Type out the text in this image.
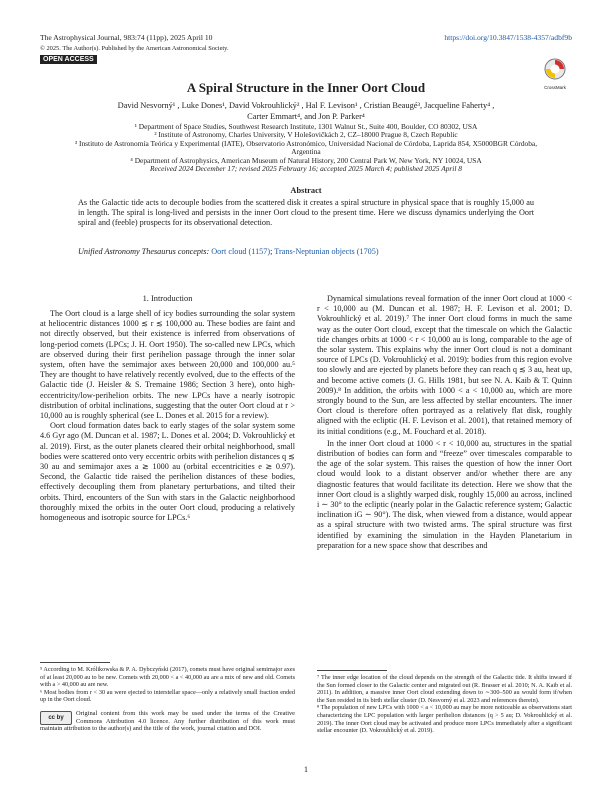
The Astrophysical Journal, 983:74 (11pp), 2025 April 10	https://doi.org/10.3847/1538-4357/adbf9b
© 2025. The Author(s). Published by the American Astronomical Society.
OPEN ACCESS
CrossMark
A Spiral Structure in the Inner Oort Cloud
David Nesvorný¹ , Luke Dones¹, David Vokrouhlický² , Hal F. Levison¹ , Cristian Beaugé³, Jacqueline Faherty⁴ ,
Carter Emmart⁴, and Jon P. Parker⁴
¹ Department of Space Studies, Southwest Research Institute, 1301 Walnut St., Suite 400, Boulder, CO 80302, USA
² Institute of Astronomy, Charles University, V Holešovičkách 2, CZ–18000 Prague 8, Czech Republic
³ Instituto de Astronomía Teórica y Experimental (IATE), Observatorio Astronómico, Universidad Nacional de Córdoba, Laprida 854, X5000BGR Córdoba,
Argentina
⁴ Department of Astrophysics, American Museum of Natural History, 200 Central Park W, New York, NY 10024, USA
Received 2024 December 17; revised 2025 February 16; accepted 2025 March 4; published 2025 April 8
Abstract
As the Galactic tide acts to decouple bodies from the scattered disk it creates a spiral structure in physical space that is roughly 15,000 au in length. The spiral is long-lived and persists in the inner Oort cloud to the present time. Here we discuss dynamics underlying the Oort spiral and (feeble) prospects for its observational detection.
Unified Astronomy Thesaurus concepts: Oort cloud (1157); Trans-Neptunian objects (1705)
1. Introduction

The Oort cloud is a large shell of icy bodies surrounding the solar system at heliocentric distances 1000 ≲ r ≲ 100,000 au. These bodies are faint and not directly observed, but their existence is inferred from observations of long-period comets (LPCs; J. H. Oort 1950). The so-called new LPCs, which are observed during their first perihelion passage through the inner solar system, often have the semimajor axes between 20,000 and 100,000 au.⁵ They are thought to have relatively recently evolved, due to the effects of the Galactic tide (J. Heisler & S. Tremaine 1986; Section 3 here), onto high-eccentricity/low-perihelion orbits. The new LPCs have a nearly isotropic distribution of orbital inclinations, suggesting that the outer Oort cloud at r > 10,000 au is roughly spherical (see L. Dones et al. 2015 for a review).

Oort cloud formation dates back to early stages of the solar system some 4.6 Gyr ago (M. Duncan et al. 1987; L. Dones et al. 2004; D. Vokrouhlický et al. 2019). First, as the outer planets cleared their orbital neighborhood, small bodies were scattered onto very eccentric orbits with perihelion distances q ≲ 30 au and semimajor axes a ≳ 1000 au (orbital eccentricities e ≳ 0.97). Second, the Galactic tide raised the perihelion distances of these bodies, effectively decoupling them from planetary perturbations, and tilted their orbits. Third, encounters of the Sun with stars in the Galactic neighborhood thoroughly mixed the orbits in the outer Oort cloud, producing a relatively homogeneous and isotropic source for LPCs.⁶

Dynamical simulations reveal formation of the inner Oort cloud at 1000 < r < 10,000 au (M. Duncan et al. 1987; H. F. Levison et al. 2001; D. Vokrouhlický et al. 2019).⁷ The inner Oort cloud forms in much the same way as the outer Oort cloud, except that the timescale on which the Galactic tide changes orbits at 1000 < r < 10,000 au is long, comparable to the age of the solar system. This explains why the inner Oort cloud is not a dominant source of LPCs (D. Vokrouhlický et al. 2019): bodies from this region evolve too slowly and are ejected by planets before they can reach q ≲ 3 au, heat up, and become active comets (J. G. Hills 1981, but see N. A. Kaib & T. Quinn 2009).⁸ In addition, the orbits with 1000 < a < 10,000 au, which are more strongly bound to the Sun, are less affected by stellar encounters. The inner Oort cloud is therefore often portrayed as a relatively flat disk, roughly aligned with the ecliptic (H. F. Levison et al. 2001), that retained memory of its initial conditions (e.g., M. Fouchard et al. 2018).

In the inner Oort cloud at 1000 < r < 10,000 au, structures in the spatial distribution of bodies can form and “freeze” over timescales comparable to the age of the solar system. This raises the question of how the inner Oort cloud would look to a distant observer and/or whether there are any diagnostic features that would facilitate its detection. Here we show that the inner Oort cloud is a slightly warped disk, roughly 15,000 au across, inclined i ∼ 30° to the ecliptic (nearly polar in the Galactic reference system; Galactic inclination iG ∼ 90°). The disk, when viewed from a distance, would appear as a spiral structure with two twisted arms. The spiral structure was first identified by examining the simulation in the Hayden Planetarium in preparation for a new space show that describes and

⁵ According to M. Królikowska & P. A. Dybczyński (2017), comets must have original semimajor axes of at least 20,000 au to be new. Comets with 20,000 < a < 40,000 au are a mix of new and old. Comets with a > 40,000 au are new.

⁶ Most bodies from r < 30 au were ejected to interstellar space—only a relatively small fraction ended up in the Oort cloud.

cc by

Original content from this work may be used under the terms of the Creative Commons Attribution 4.0 licence. Any further distribution of this work must maintain attribution to the author(s) and the title of the work, journal citation and DOI.

⁷ The inner edge location of the cloud depends on the strength of the Galactic tide. It shifts inward if the Sun formed closer to the Galactic center and migrated out (R. Brasser et al. 2010; N. A. Kaib et al. 2011). In addition, a massive inner Oort cloud extending down to ∼300–500 au would form if/when the Sun resided in its birth stellar cluster (D. Nesvorný et al. 2023 and references therein).

⁸ The population of new LPCs with 1000 < a < 10,000 au may be more noticeable as observations start characterizing the LPC population with larger perihelion distances (q > 5 au; D. Vokrouhlický et al. 2019). The inner Oort cloud may be activated and produce more LPCs immediately after a significant stellar encounter (D. Vokrouhlický et al. 2019).

1
